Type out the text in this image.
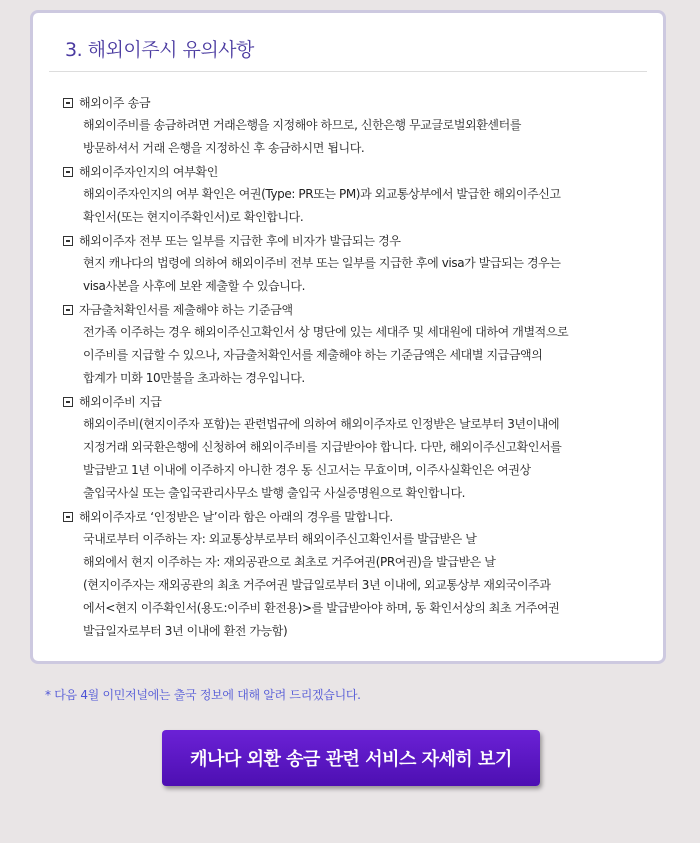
3. 해외이주시 유의사항
해외이주 송금
해외이주비를 송금하려면 거래은행을 지정해야 하므로, 신한은행 무교글로벌외환센터를
방문하셔서 거래 은행을 지정하신 후 송금하시면 됩니다.
해외이주자인지의 여부확인
해외이주자인지의 여부 확인은 여권(Type: PR또는 PM)과 외교통상부에서 발급한 해외이주신고
확인서(또는 현지이주확인서)로 확인합니다.
해외이주자 전부 또는 일부를 지급한 후에 비자가 발급되는 경우
현지 캐나다의 법령에 의하여 해외이주비 전부 또는 일부를 지급한 후에 visa가 발급되는 경우는
visa사본을 사후에 보완 제출할 수 있습니다.
자금출처확인서를 제출해야 하는 기준금액
전가족 이주하는 경우 해외이주신고확인서 상 명단에 있는 세대주 및 세대원에 대하여 개별적으로
이주비를 지급할 수 있으나, 자금출처확인서를 제출해야 하는 기준금액은 세대별 지급금액의
합계가 미화 10만불을 초과하는 경우입니다.
해외이주비 지급
해외이주비(현지이주자 포함)는 관련법규에 의하여 해외이주자로 인정받은 날로부터 3년이내에
지정거래 외국환은행에 신청하여 해외이주비를 지급받아야 합니다. 다만, 해외이주신고확인서를
발급받고 1년 이내에 이주하지 아니한 경우 동 신고서는 무효이며, 이주사실확인은 여권상
출입국사실 또는 출입국관리사무소 발행 출입국 사실증명원으로 확인합니다.
해외이주자로 ‘인정받은 날’이라 함은 아래의 경우를 말합니다.
국내로부터 이주하는 자: 외교통상부로부터 해외이주신고확인서를 발급받은 날
해외에서 현지 이주하는 자: 재외공관으로 최초로 거주여권(PR여권)을 발급받은 날
(현지이주자는 재외공관의 최초 거주여권 발급일로부터 3년 이내에, 외교통상부 재외국이주과
에서<현지 이주확인서(용도:이주비 환전용)>를 발급받아야 하며, 동 확인서상의 최초 거주여권
발급일자로부터 3년 이내에 환전 가능함)
* 다음 4월 이민저널에는 출국 정보에 대해 알려 드리겠습니다.
캐나다 외환 송금 관련 서비스 자세히 보기
